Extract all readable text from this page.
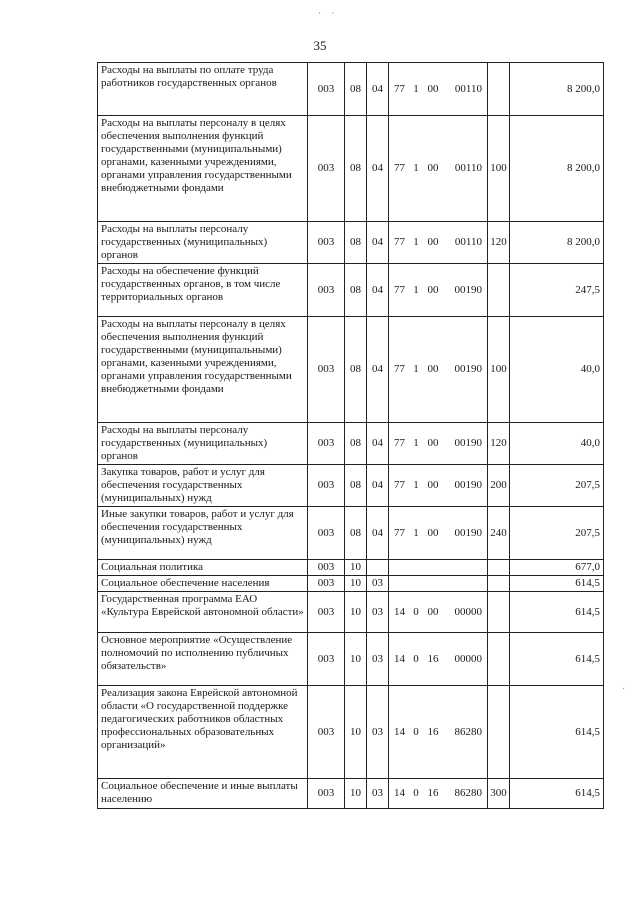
· ·
35
·
Расходы на выплаты по оплате труда работников государственных органов	003	08	04	77 1 00 00110		8 200,0
Расходы на выплаты персоналу в целях обеспечения выполнения функций государственными (муниципальными) органами, казенными учреждениями, органами управления государственными внебюджетными фондами	003	08	04	77 1 00 00110	100	8 200,0
Расходы на выплаты персоналу государственных (муниципальных) органов	003	08	04	77 1 00 00110	120	8 200,0
Расходы на обеспечение функций государственных органов, в том числе территориальных органов	003	08	04	77 1 00 00190		247,5
Расходы на выплаты персоналу в целях обеспечения выполнения функций государственными (муниципальными) органами, казенными учреждениями, органами управления государственными внебюджетными фондами	003	08	04	77 1 00 00190	100	40,0
Расходы на выплаты персоналу государственных (муниципальных) органов	003	08	04	77 1 00 00190	120	40,0
Закупка товаров, работ и услуг для обеспечения государственных (муниципальных) нужд	003	08	04	77 1 00 00190	200	207,5
Иные закупки товаров, работ и услуг для обеспечения государственных (муниципальных) нужд	003	08	04	77 1 00 00190	240	207,5
Социальная политика	003	10				677,0
Социальное обеспечение населения	003	10	03			614,5
Государственная программа ЕАО «Культура Еврейской автономной области»	003	10	03	14 0 00 00000		614,5
Основное мероприятие «Осуществление полномочий по исполнению публичных обязательств»	003	10	03	14 0 16 00000		614,5
Реализация закона Еврейской автономной области «О государственной поддержке педагогических работников областных профессиональных образовательных организаций»	003	10	03	14 0 16 86280		614,5
Социальное обеспечение и иные выплаты населению	003	10	03	14 0 16 86280	300	614,5
